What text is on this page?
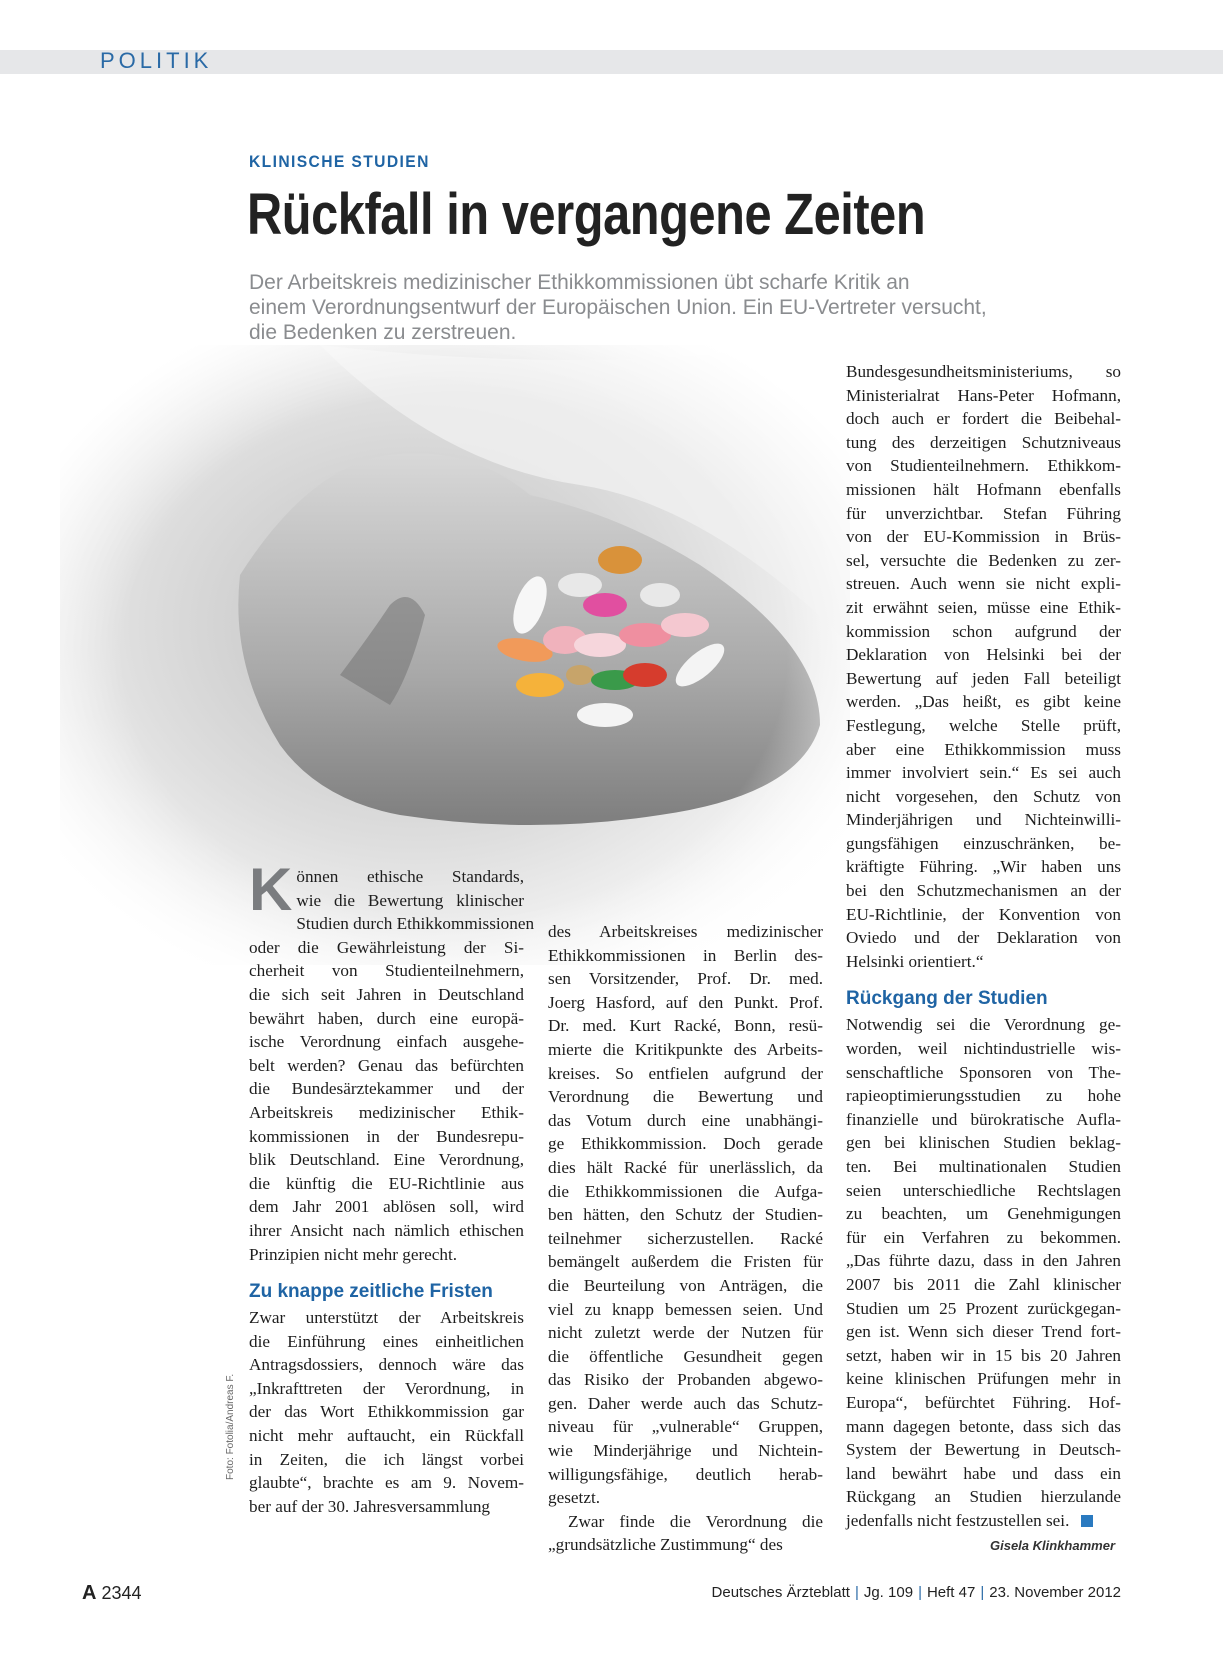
POLITIK
KLINISCHE STUDIEN
Rückfall in vergangene Zeiten
Der Arbeitskreis medizinischer Ethikkommissionen übt scharfe Kritik an
einem Verordnungsentwurf der Europäischen Union. Ein EU-Vertreter versucht,
die Bedenken zu zerstreuen.
K önnen ethische Standards,
wie die Bewertung klinischer
Studien durch Ethikkommissionen
oder die Gewährleistung der Si-
cherheit von Studienteilnehmern,
die sich seit Jahren in Deutschland
bewährt haben, durch eine europä-
ische Verordnung einfach ausgehe-
belt werden? Genau das befürchten
die Bundesärztekammer und der
Arbeitskreis medizinischer Ethik-
kommissionen in der Bundesrepu-
blik Deutschland. Eine Verordnung,
die künftig die EU-Richtlinie aus
dem Jahr 2001 ablösen soll, wird
ihrer Ansicht nach nämlich ethischen
Prinzipien nicht mehr gerecht.
Zu knappe zeitliche Fristen
Zwar unterstützt der Arbeitskreis
die Einführung eines einheitlichen
Antragsdossiers, dennoch wäre das
„Inkrafttreten der Verordnung, in
der das Wort Ethikkommission gar
nicht mehr auftaucht, ein Rückfall
in Zeiten, die ich längst vorbei
glaubte“, brachte es am 9. Novem-
ber auf der 30. Jahresversammlung
des Arbeitskreises medizinischer
Ethikkommissionen in Berlin des-
sen Vorsitzender, Prof. Dr. med.
Joerg Hasford, auf den Punkt. Prof.
Dr. med. Kurt Racké, Bonn, resü-
mierte die Kritikpunkte des Arbeits-
kreises. So entfielen aufgrund der
Verordnung die Bewertung und
das Votum durch eine unabhängi-
ge Ethikkommission. Doch gerade
dies hält Racké für unerlässlich, da
die Ethikkommissionen die Aufga-
ben hätten, den Schutz der Studien-
teilnehmer sicherzustellen. Racké
bemängelt außerdem die Fristen für
die Beurteilung von Anträgen, die
viel zu knapp bemessen seien. Und
nicht zuletzt werde der Nutzen für
die öffentliche Gesundheit gegen
das Risiko der Probanden abgewo-
gen. Daher werde auch das Schutz-
niveau für „vulnerable“ Gruppen,
wie Minderjährige und Nichtein-
willigungsfähige, deutlich herab-
gesetzt.
Zwar finde die Verordnung die
„grundsätzliche Zustimmung“ des
Bundesgesundheitsministeriums, so
Ministerialrat Hans-Peter Hofmann,
doch auch er fordert die Beibehal-
tung des derzeitigen Schutzniveaus
von Studienteilnehmern. Ethikkom-
missionen hält Hofmann ebenfalls
für unverzichtbar. Stefan Führing
von der EU-Kommission in Brüs-
sel, versuchte die Bedenken zu zer-
streuen. Auch wenn sie nicht expli-
zit erwähnt seien, müsse eine Ethik-
kommission schon aufgrund der
Deklaration von Helsinki bei der
Bewertung auf jeden Fall beteiligt
werden. „Das heißt, es gibt keine
Festlegung, welche Stelle prüft,
aber eine Ethikkommission muss
immer involviert sein.“ Es sei auch
nicht vorgesehen, den Schutz von
Minderjährigen und Nichteinwilli-
gungsfähigen einzuschränken, be-
kräftigte Führing. „Wir haben uns
bei den Schutzmechanismen an der
EU-Richtlinie, der Konvention von
Oviedo und der Deklaration von
Helsinki orientiert.“
Rückgang der Studien
Notwendig sei die Verordnung ge-
worden, weil nichtindustrielle wis-
senschaftliche Sponsoren von The-
rapieoptimierungsstudien zu hohe
finanzielle und bürokratische Aufla-
gen bei klinischen Studien beklag-
ten. Bei multinationalen Studien
seien unterschiedliche Rechtslagen
zu beachten, um Genehmigungen
für ein Verfahren zu bekommen.
„Das führte dazu, dass in den Jahren
2007 bis 2011 die Zahl klinischer
Studien um 25 Prozent zurückgegan-
gen ist. Wenn sich dieser Trend fort-
setzt, haben wir in 15 bis 20 Jahren
keine klinischen Prüfungen mehr in
Europa“, befürchtet Führing. Hof-
mann dagegen betonte, dass sich das
System der Bewertung in Deutsch-
land bewährt habe und dass ein
Rückgang an Studien hierzulande
jedenfalls nicht festzustellen sei.
Foto: Fotolia/Andreas F.
Gisela Klinkhammer
A 2344	Deutsches Ärzteblatt | Jg. 109 | Heft 47 | 23. November 2012
